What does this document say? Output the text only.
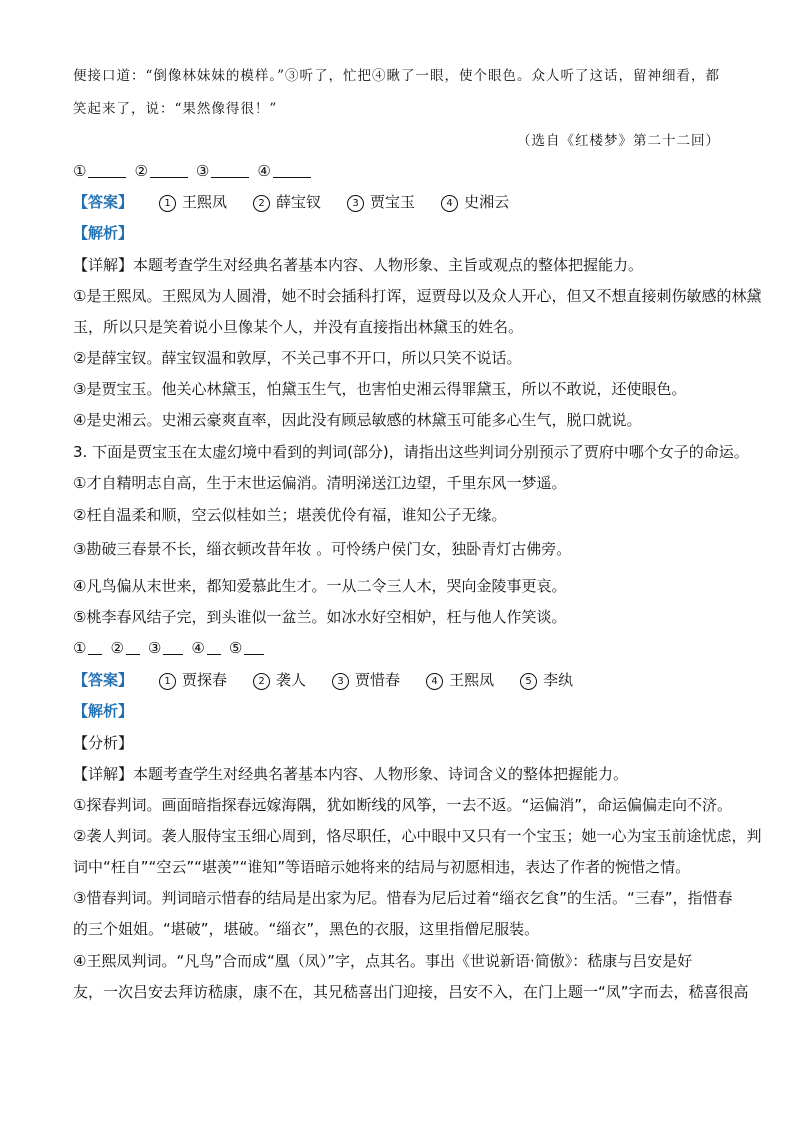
便接口道：“倒像林妹妹的模样。”③听了，忙把④瞅了一眼，使个眼色。众人听了这话，留神细看，都
笑起来了，说：“果然像得很！”
（选自《红楼梦》第二十二回）
①	②	③	④
【答案】	1 王熙凤	2 薛宝钗	3 贾宝玉	4 史湘云
【解析】
【详解】本题考查学生对经典名著基本内容、人物形象、主旨或观点的整体把握能力。
①是王熙凤。王熙凤为人圆滑，她不时会插科打诨，逗贾母以及众人开心，但又不想直接刺伤敏感的林黛
玉，所以只是笑着说小旦像某个人，并没有直接指出林黛玉的姓名。
②是薛宝钗。薛宝钗温和敦厚，不关己事不开口，所以只笑不说话。
③是贾宝玉。他关心林黛玉，怕黛玉生气，也害怕史湘云得罪黛玉，所以不敢说，还使眼色。
④是史湘云。史湘云豪爽直率，因此没有顾忌敏感的林黛玉可能多心生气，脱口就说。
3. 下面是贾宝玉在太虚幻境中看到的判词(部分)，请指出这些判词分别预示了贾府中哪个女子的命运。
①才自精明志自高，生于末世运偏消。清明涕送江边望，千里东风一梦遥。
②枉自温柔和顺，空云似桂如兰；堪羡优伶有福，谁知公子无缘。
③勘破三春景不长，缁衣顿改昔年妆 。可怜绣户侯门女，独卧青灯古佛旁。
④凡鸟偏从末世来，都知爱慕此生才。一从二令三人木，哭向金陵事更哀。
⑤桃李春风结子完，到头谁似一盆兰。如冰水好空相妒，枉与他人作笑谈。
① ② ③ ④ ⑤
【答案】	1 贾探春	2 袭人	3 贾惜春	4 王熙凤	5 李纨
【解析】
【分析】
【详解】本题考查学生对经典名著基本内容、人物形象、诗词含义的整体把握能力。
①探春判词。画面暗指探春远嫁海隅，犹如断线的风筝，一去不返。“运偏消”，命运偏偏走向不济。
②袭人判词。袭人服侍宝玉细心周到，恪尽职任，心中眼中又只有一个宝玉；她一心为宝玉前途忧虑，判
词中“枉自”“空云”“堪羡”“谁知”等语暗示她将来的结局与初愿相违，表达了作者的惋惜之情。
③惜春判词。判词暗示惜春的结局是出家为尼。惜春为尼后过着“缁衣乞食”的生活。“三春”，指惜春
的三个姐姐。“堪破”，堪破。“缁衣”，黑色的衣服，这里指僧尼服装。
④王熙凤判词。“凡鸟”合而成“凰（凤）”字，点其名。事出《世说新语·简傲》：嵇康与吕安是好
友，一次吕安去拜访嵇康，康不在，其兄嵇喜出门迎接，吕安不入，在门上题一“凤”字而去，嵇喜很高
